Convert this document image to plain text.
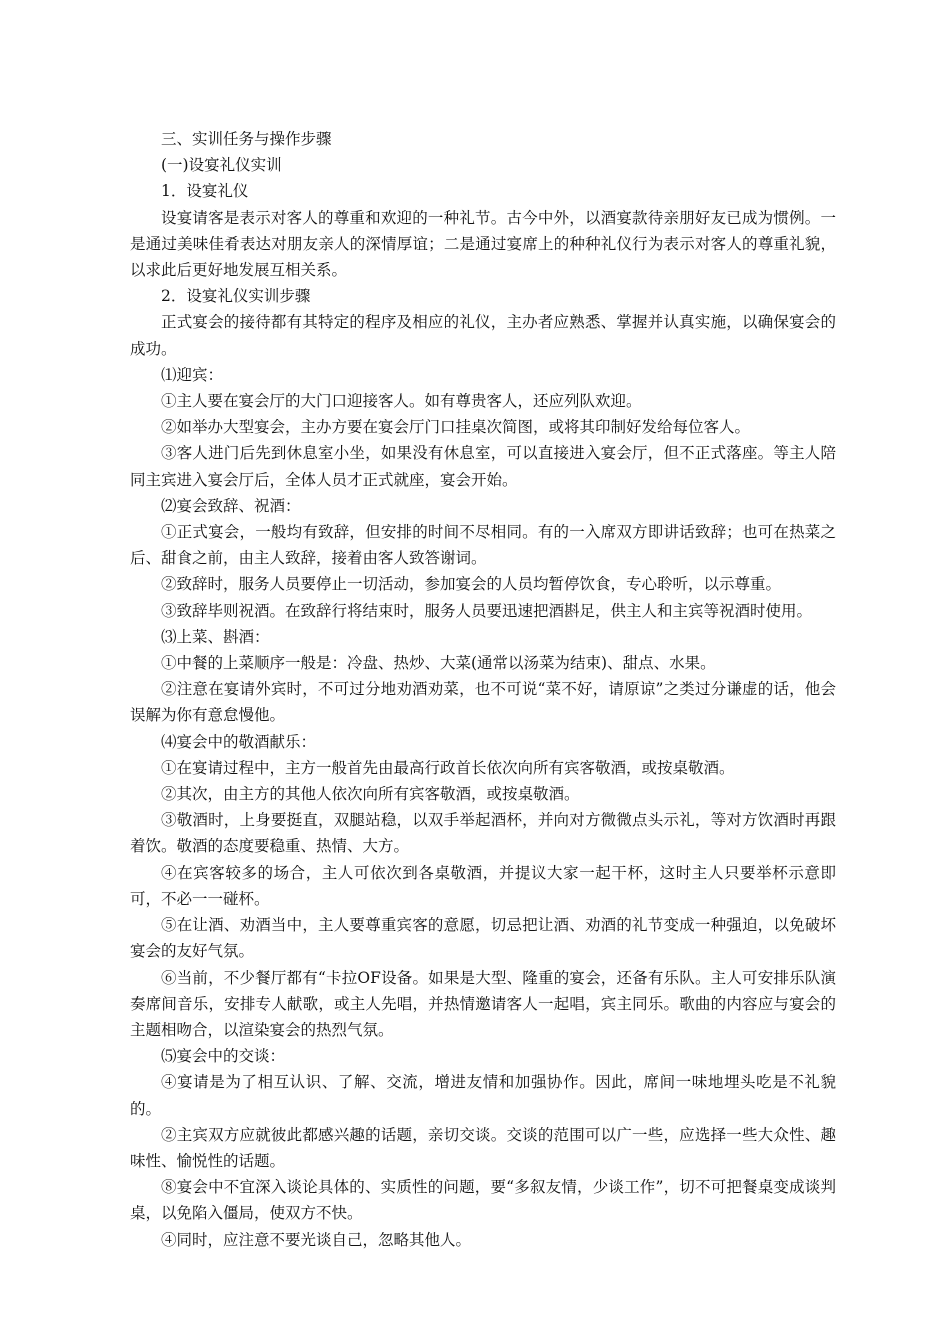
三、实训任务与操作步骤

(一)设宴礼仪实训

1．设宴礼仪

设宴请客是表示对客人的尊重和欢迎的一种礼节。古今中外，以酒宴款待亲朋好友已成为惯例。一是通过美味佳肴表达对朋友亲人的深情厚谊；二是通过宴席上的种种礼仪行为表示对客人的尊重礼貌，以求此后更好地发展互相关系。

2．设宴礼仪实训步骤

正式宴会的接待都有其特定的程序及相应的礼仪，主办者应熟悉、掌握并认真实施，以确保宴会的成功。

⑴迎宾：

①主人要在宴会厅的大门口迎接客人。如有尊贵客人，还应列队欢迎。

②如举办大型宴会，主办方要在宴会厅门口挂桌次简图，或将其印制好发给每位客人。

③客人进门后先到休息室小坐，如果没有休息室，可以直接进入宴会厅，但不正式落座。等主人陪同主宾进入宴会厅后，全体人员才正式就座，宴会开始。

⑵宴会致辞、祝酒：

①正式宴会，一般均有致辞，但安排的时间不尽相同。有的一入席双方即讲话致辞；也可在热菜之后、甜食之前，由主人致辞，接着由客人致答谢词。

②致辞时，服务人员要停止一切活动，参加宴会的人员均暂停饮食，专心聆听，以示尊重。

③致辞毕则祝酒。在致辞行将结束时，服务人员要迅速把酒斟足，供主人和主宾等祝酒时使用。

⑶上菜、斟酒：

①中餐的上菜顺序一般是：冷盘、热炒、大菜(通常以汤菜为结束)、甜点、水果。

②注意在宴请外宾时，不可过分地劝酒劝菜，也不可说“菜不好，请原谅”之类过分谦虚的话，他会误解为你有意怠慢他。

⑷宴会中的敬酒献乐：

①在宴请过程中，主方一般首先由最高行政首长依次向所有宾客敬酒，或按桌敬酒。

②其次，由主方的其他人依次向所有宾客敬酒，或按桌敬酒。

③敬酒时，上身要挺直，双腿站稳，以双手举起酒杯，并向对方微微点头示礼，等对方饮酒时再跟着饮。敬酒的态度要稳重、热情、大方。

④在宾客较多的场合，主人可依次到各桌敬酒，并提议大家一起干杯，这时主人只要举杯示意即可，不必一一碰杯。

⑤在让酒、劝酒当中，主人要尊重宾客的意愿，切忌把让酒、劝酒的礼节变成一种强迫，以免破坏宴会的友好气氛。

⑥当前，不少餐厅都有“卡拉OF设备。如果是大型、隆重的宴会，还备有乐队。主人可安排乐队演奏席间音乐，安排专人献歌，或主人先唱，并热情邀请客人一起唱，宾主同乐。歌曲的内容应与宴会的主题相吻合，以渲染宴会的热烈气氛。

⑸宴会中的交谈：

④宴请是为了相互认识、了解、交流，增进友情和加强协作。因此，席间一味地埋头吃是不礼貌的。

②主宾双方应就彼此都感兴趣的话题，亲切交谈。交谈的范围可以广一些，应选择一些大众性、趣味性、愉悦性的话题。

⑧宴会中不宜深入谈论具体的、实质性的问题，要“多叙友情，少谈工作”，切不可把餐桌变成谈判桌，以免陷入僵局，使双方不快。

④同时，应注意不要光谈自己，忽略其他人。
